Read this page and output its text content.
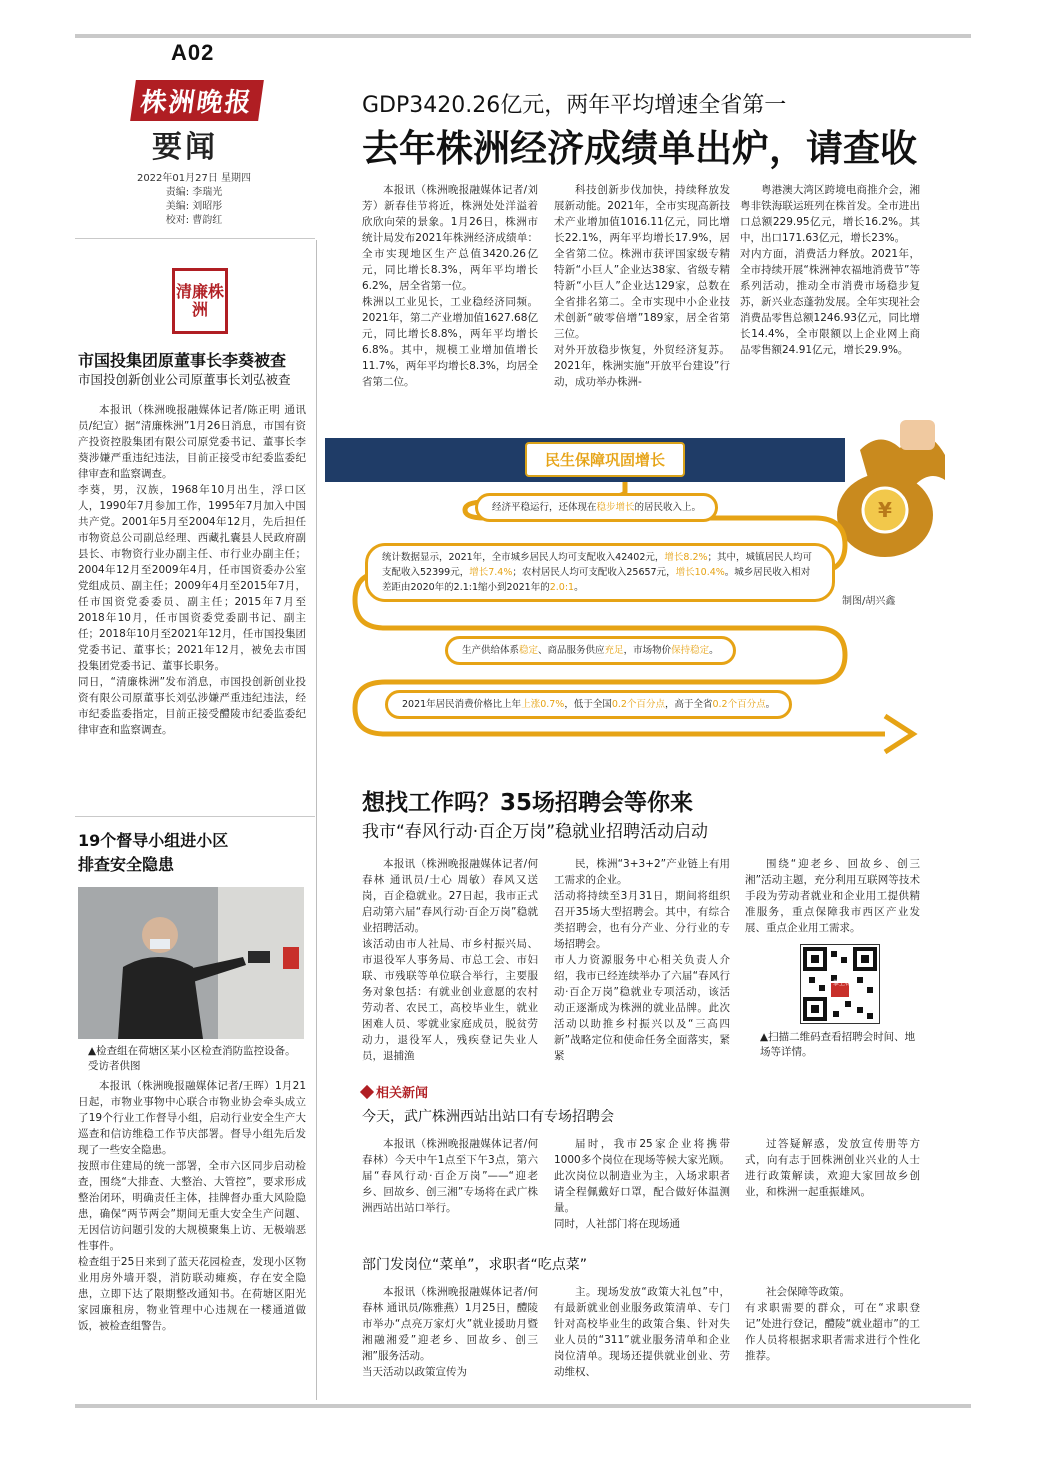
A02
株洲晚报
要闻
2022年01月27日 星期四
责编: 李瑞光
美编: 刘昭彤
校对: 曹韵红
GDP3420.26亿元，两年平均增速全省第一
去年株洲经济成绩单出炉，请查收

本报讯（株洲晚报融媒体记者/刘芳）新春佳节将近，株洲处处洋溢着欣欣向荣的景象。1月26日，株洲市统计局发布2021年株洲经济成绩单：全市实现地区生产总值3420.26亿元，同比增长8.3%，两年平均增长6.2%，居全省第一位。
株洲以工业见长，工业稳经济同频。2021年，第二产业增加值1627.68亿元，同比增长8.8%，两年平均增长6.8%。其中，规模工业增加值增长11.7%，两年平均增长8.3%，均居全省第二位。

科技创新步伐加快，持续释放发展新动能。2021年，全市实现高新技术产业增加值1016.11亿元，同比增长22.1%，两年平均增长17.9%，居全省第二位。株洲市获评国家级专精特新“小巨人”企业达38家、省级专精特新“小巨人”企业达129家，总数在全省排名第二。全市实现中小企业技术创新“破零倍增”189家，居全省第三位。
对外开放稳步恢复，外贸经济复苏。2021年，株洲实施“开放平台建设”行动，成功举办株洲-

粤港澳大湾区跨境电商推介会，湘粤非铁海联运班列在株首发。全市进出口总额229.95亿元，增长16.2%。其中，出口171.63亿元，增长23%。
对内方面，消费活力释放。2021年，全市持续开展“株洲神农福地消费节”等系列活动，推动全市消费市场稳步复苏，新兴业态蓬勃发展。全年实现社会消费品零售总额1246.93亿元，同比增长14.4%，全市限额以上企业网上商品零售额24.91亿元，增长29.9%。

¥
民生保障巩固增长
经济平稳运行，还体现在稳步增长的居民收入上。
统计数据显示，2021年，全市城乡居民人均可支配收入42402元，增长8.2%；其中，城镇居民人均可支配收入52399元，增长7.4%；农村居民人均可支配收入25657元，增长10.4%。城乡居民收入相对差距由2020年的2.1:1缩小到2021年的2.0:1。
制图/胡兴鑫
生产供给体系稳定、商品服务供应充足，市场物价保持稳定。
2021年居民消费价格比上年上涨0.7%，低于全国0.2个百分点，高于全省0.2个百分点。
清廉株洲
市国投集团原董事长李葵被查
市国投创新创业公司原董事长刘弘被查

本报讯（株洲晚报融媒体记者/陈正明 通讯员/纪宣）据“清廉株洲”1月26日消息，市国有资产投资控股集团有限公司原党委书记、董事长李葵涉嫌严重违纪违法，目前正接受市纪委监委纪律审查和监察调查。
李葵，男，汉族，1968年10月出生，浮口区人，1990年7月参加工作，1995年7月加入中国共产党。2001年5月至2004年12月，先后担任市物资总公司副总经理、西藏扎囊县人民政府副县长、市物资行业办副主任、市行业办副主任；2004年12月至2009年4月，任市国资委办公室党组成员、副主任；2009年4月至2015年7月，任市国资党委委员、副主任；2015年7月至2018年10月，任市国资委党委副书记、副主任；2018年10月至2021年12月，任市国投集团党委书记、董事长；2021年12月，被免去市国投集团党委书记、董事长职务。
同日，“清廉株洲”发布消息，市国投创新创业投资有限公司原董事长刘弘涉嫌严重违纪违法，经市纪委监委指定，目前正接受醴陵市纪委监委纪律审查和监察调查。

19个督导小组进小区
排查安全隐患
▲检查组在荷塘区某小区检查消防监控设备。受访者供图

本报讯（株洲晚报融媒体记者/王晖）1月21日起，市物业事物中心联合市物业协会牵头成立了19个行业工作督导小组，启动行业安全生产大巡查和信访维稳工作节庆部署。督导小组先后发现了一些安全隐患。
按照市住建局的统一部署，全市六区同步启动检查，围绕“大排查、大整治、大管控”，要求形成整治闭环，明确责任主体，挂牌督办重大风险隐患，确保“两节两会”期间无重大安全生产问题、无因信访问题引发的大规模聚集上访、无极端恶性事件。
检查组于25日来到了蓝天花园检查，发现小区物业用房外墙开裂，消防联动瘫痪，存在安全隐患，立即下达了限期整改通知书。在荷塘区阳光家园廉租房，物业管理中心违规在一楼通道做饭，被检查组警告。

想找工作吗？35场招聘会等你来
我市“春风行动·百企万岗”稳就业招聘活动启动

本报讯（株洲晚报融媒体记者/何春林 通讯员/士心 周敏）春风又送岗，百企稳就业。27日起，我市正式启动第六届“春风行动·百企万岗”稳就业招聘活动。
该活动由市人社局、市乡村振兴局、市退役军人事务局、市总工会、市妇联、市残联等单位联合举行，主要服务对象包括：有就业创业意愿的农村劳动者、农民工，高校毕业生，就业困难人员、零就业家庭成员，脱贫劳动力，退役军人，残疾登记失业人员，退捕渔

民，株洲“3+3+2”产业链上有用工需求的企业。
活动将持续至3月31日，期间将组织召开35场大型招聘会。其中，有综合类招聘会，也有分产业、分行业的专场招聘会。
市人力资源服务中心相关负责人介绍，我市已经连续举办了六届“春风行动·百企万岗”稳就业专项活动，该活动正逐渐成为株洲的就业品牌。此次活动以助推乡村振兴以及“三高四新”战略定位和使命任务全面落实，紧紧

围绕“迎老乡、回故乡、创三湘”活动主题，充分利用互联网等技术手段为劳动者就业和企业用工提供精准服务，重点保障我市西区产业发展、重点企业用工需求。

掌上株洲
▲扫描二维码查看招聘会时间、地场等详情。
相关新闻
今天，武广株洲西站出站口有专场招聘会

本报讯（株洲晚报融媒体记者/何春林）今天中午1点至下午3点，第六届“春风行动·百企万岗”——“迎老乡、回故乡、创三湘”专场将在武广株洲西站出站口举行。

届时，我市25家企业将携带1000多个岗位在现场等候大家光顾。此次岗位以制造业为主，入场求职者请全程佩戴好口罩，配合做好体温测量。
同时，人社部门将在现场通

过答疑解惑，发放宣传册等方式，向有志于回株洲创业兴业的人士进行政策解读，欢迎大家回故乡创业，和株洲一起重振雄风。

部门发岗位“菜单”，求职者“吃点菜”

本报讯（株洲晚报融媒体记者/何春林 通讯员/陈雅燕）1月25日，醴陵市举办“点亮万家灯火”就业援助月暨湘融湘爱”迎老乡、回故乡、创三湘”服务活动。
当天活动以政策宣传为

主。现场发放“政策大礼包”中，有最新就业创业服务政策清单、专门针对高校毕业生的政策合集、针对失业人员的“311”就业服务清单和企业岗位清单。现场还提供就业创业、劳动维权、

社会保障等政策。
有求职需要的群众，可在“求职登记”处进行登记，醴陵“就业超市”的工作人员将根据求职者需求进行个性化推荐。
